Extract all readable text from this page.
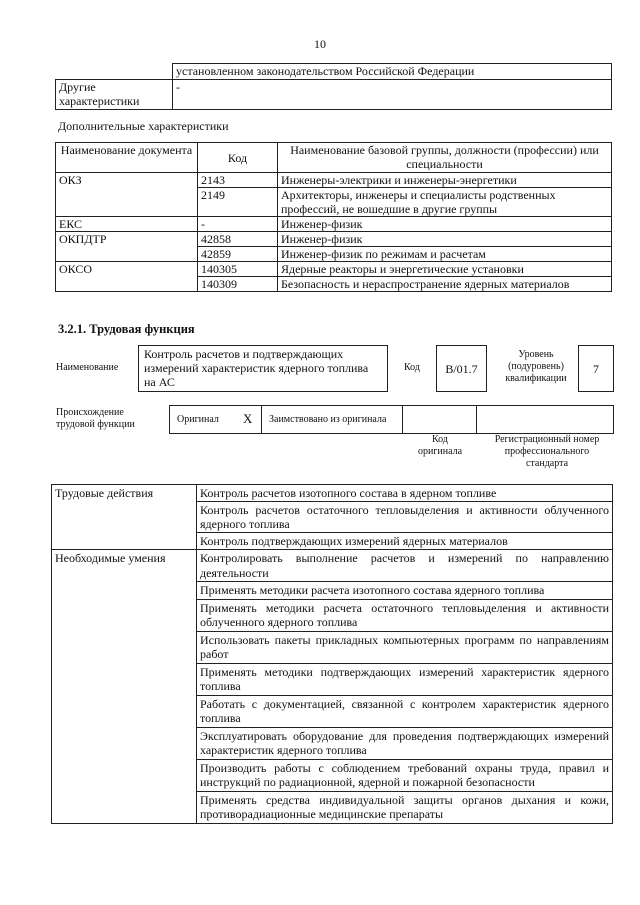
10
	установленном законодательством Российской Федерации
Другие характеристики	-
Дополнительные характеристики
Наименование документа	Код	Наименование базовой группы, должности (профессии) или специальности
ОКЗ	2143	Инженеры-электрики и инженеры-энергетики
	2149	Архитекторы, инженеры и специалисты родственных профессий, не вошедшие в другие группы
ЕКС	-	Инженер-физик
ОКПДТР	42858	Инженер-физик
	42859	Инженер-физик по режимам и расчетам
ОКСО	140305	Ядерные реакторы и энергетические установки
	140309	Безопасность и нераспространение ядерных материалов
3.2.1. Трудовая функция
Наименование
Контроль расчетов и подтверждающих измерений характеристик ядерного топлива на АС
Код	B/01.7
Уровень (подуровень) квалификации
7
Происхождение трудовой функции	Оригинал X Заимствовано из оригинала
Код оригинала
Регистрационный номер профессионального стандарта
Трудовые действия	Контроль расчетов изотопного состава в ядерном топливе
	Контроль расчетов остаточного тепловыделения и активности облученного ядерного топлива
	Контроль подтверждающих измерений ядерных материалов
Необходимые умения	Контролировать выполнение расчетов и измерений по направлению деятельности
	Применять методики расчета изотопного состава ядерного топлива
	Применять методики расчета остаточного тепловыделения и активности облученного ядерного топлива
	Использовать пакеты прикладных компьютерных программ по направлениям работ
	Применять методики подтверждающих измерений характеристик ядерного топлива
	Работать с документацией, связанной с контролем характеристик ядерного топлива
	Эксплуатировать оборудование для проведения подтверждающих измерений характеристик ядерного топлива
	Производить работы с соблюдением требований охраны труда, правил и инструкций по радиационной, ядерной и пожарной безопасности
	Применять средства индивидуальной защиты органов дыхания и кожи, противорадиационные медицинские препараты
